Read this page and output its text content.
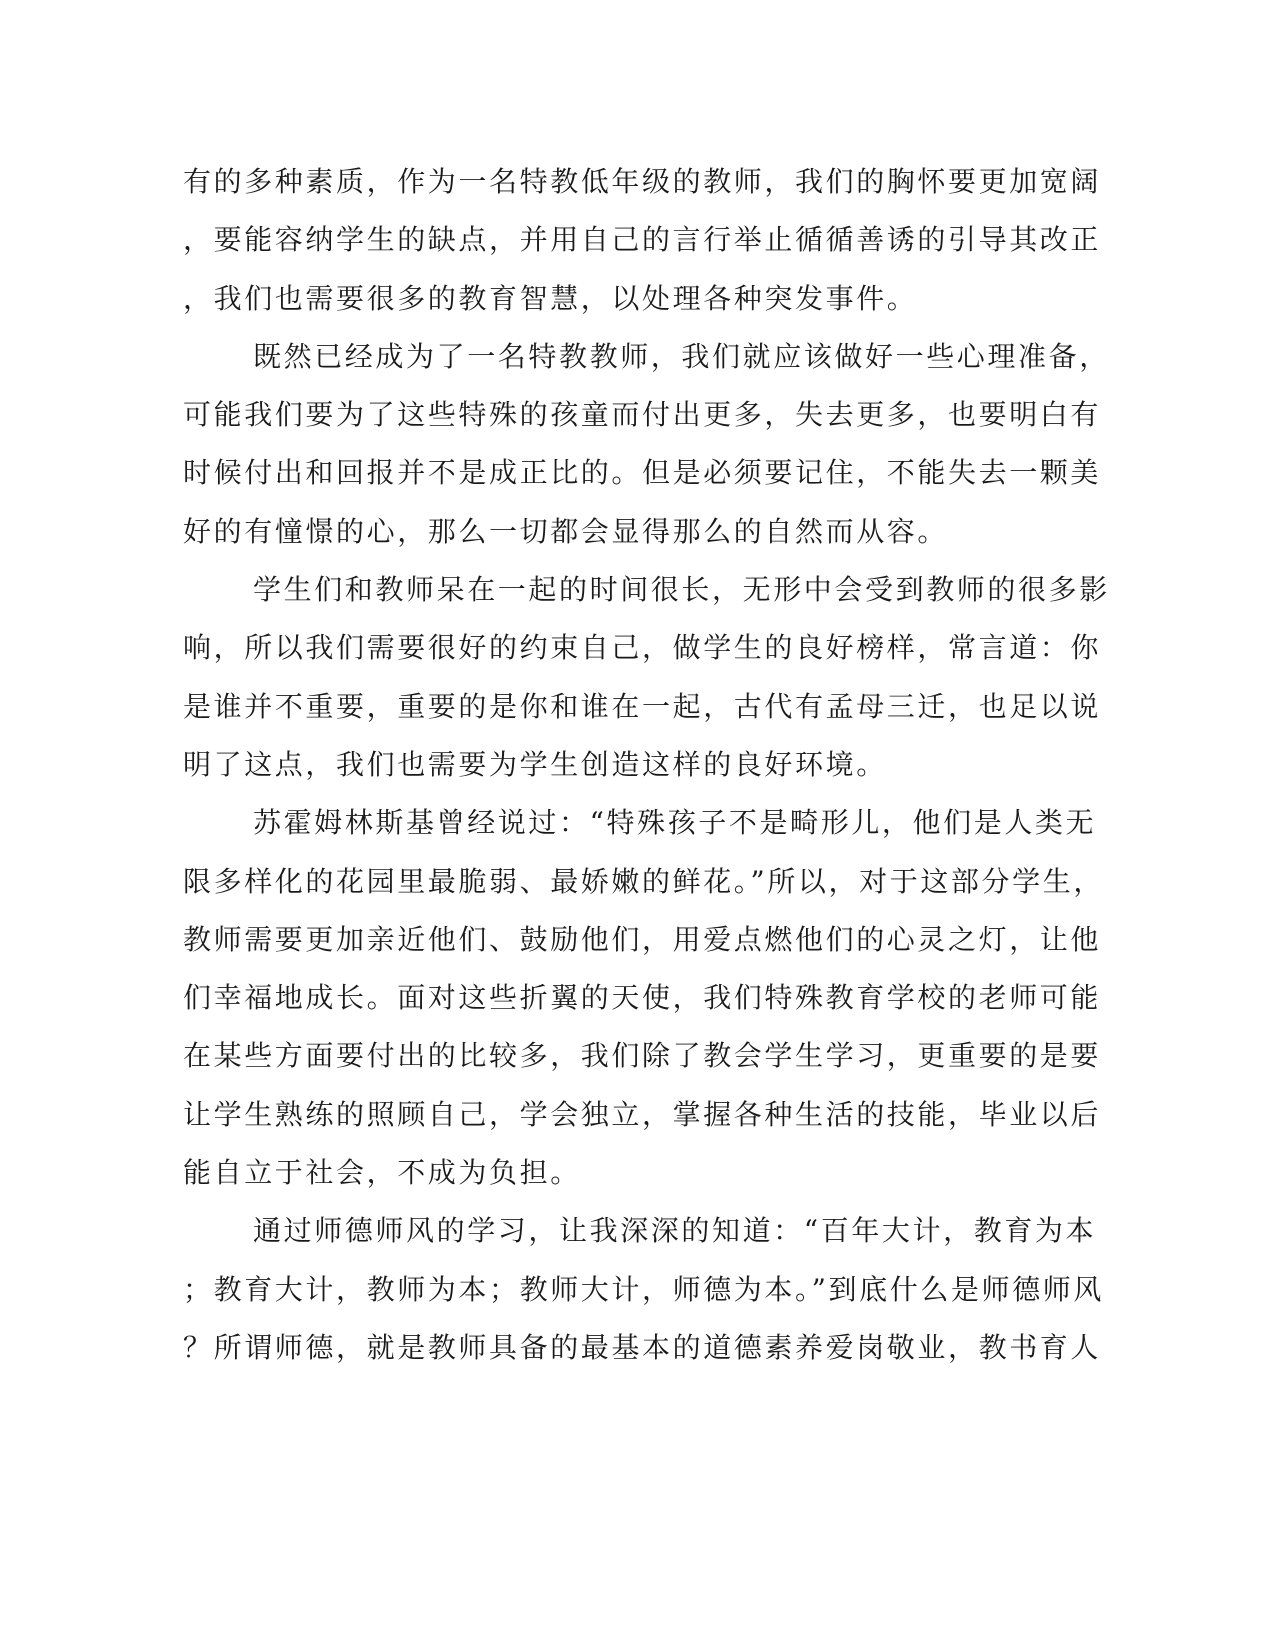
有的多种素质，作为一名特教低年级的教师，我们的胸怀要更加宽阔
，要能容纳学生的缺点，并用自己的言行举止循循善诱的引导其改正
，我们也需要很多的教育智慧，以处理各种突发事件。
既然已经成为了一名特教教师，我们就应该做好一些心理准备，
可能我们要为了这些特殊的孩童而付出更多，失去更多，也要明白有
时候付出和回报并不是成正比的。但是必须要记住，不能失去一颗美
好的有憧憬的心，那么一切都会显得那么的自然而从容。
学生们和教师呆在一起的时间很长，无形中会受到教师的很多影
响，所以我们需要很好的约束自己，做学生的良好榜样，常言道：你
是谁并不重要，重要的是你和谁在一起，古代有孟母三迁，也足以说
明了这点，我们也需要为学生创造这样的良好环境。
苏霍姆林斯基曾经说过：“特殊孩子不是畸形儿，他们是人类无
限多样化的花园里最脆弱、最娇嫩的鲜花。”所以，对于这部分学生，
教师需要更加亲近他们、鼓励他们，用爱点燃他们的心灵之灯，让他
们幸福地成长。面对这些折翼的天使，我们特殊教育学校的老师可能
在某些方面要付出的比较多，我们除了教会学生学习，更重要的是要
让学生熟练的照顾自己，学会独立，掌握各种生活的技能，毕业以后
能自立于社会，不成为负担。
通过师德师风的学习，让我深深的知道：“百年大计，教育为本
；教育大计，教师为本；教师大计，师德为本。”到底什么是师德师风
？所谓师德，就是教师具备的最基本的道德素养爱岗敬业，教书育人
